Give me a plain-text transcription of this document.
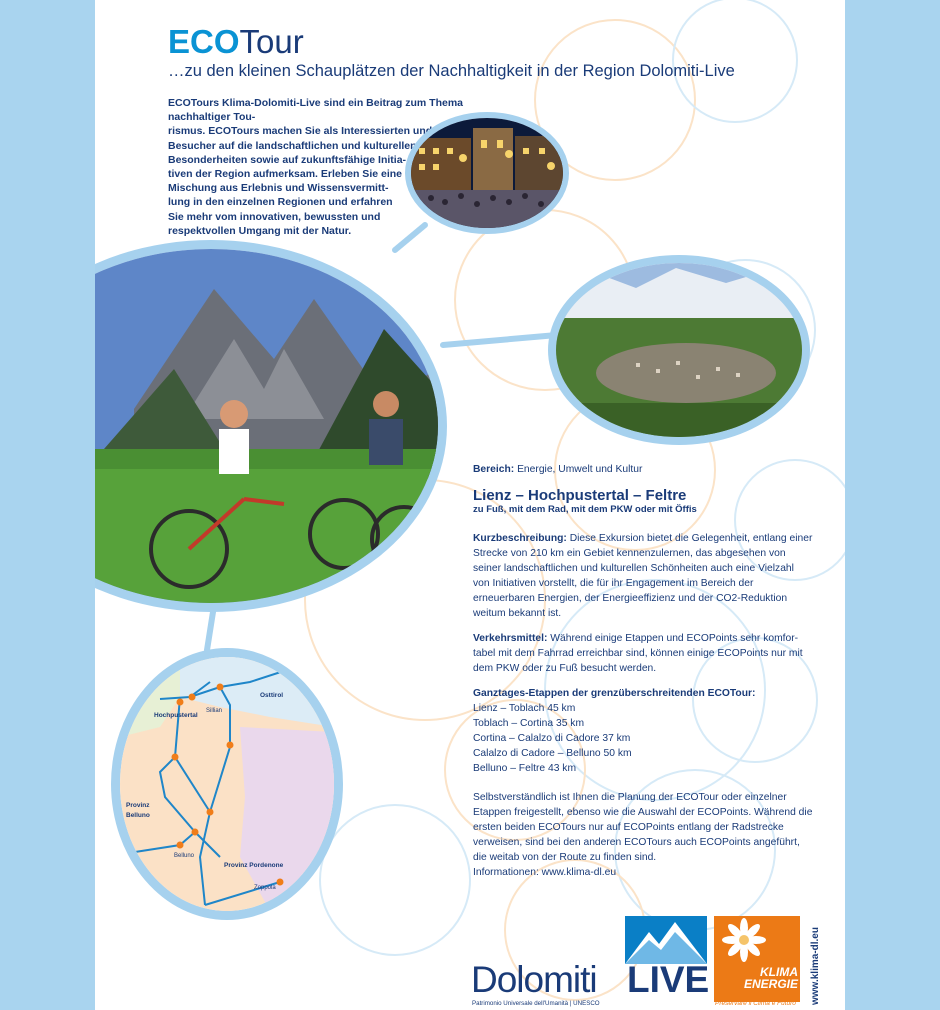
ECOTour
…zu den kleinen Schauplätzen der Nachhaltigkeit in der Region Dolomiti-Live
ECOTours Klima-Dolomiti-Live sind ein Beitrag zum Thema nachhaltiger Tou-
rismus. ECOTours machen Sie als Interessierten und
Besucher auf die landschaftlichen und kulturellen
Besonderheiten sowie auf zukunftsfähige Initia-
tiven der Region aufmerksam. Erleben Sie eine
Mischung aus Erlebnis und Wissensvermitt-
lung in den einzelnen Regionen und erfahren
Sie mehr vom innovativen, bewussten und
respektvollen Umgang mit der Natur.
Osttirol
Sillian
Hochpustertal
Provinz
Belluno
Belluno
Provinz Pordenone
Zoppola

Bereich: Energie, Umwelt und Kultur

Lienz – Hochpustertal – Feltre
zu Fuß, mit dem Rad, mit dem PKW oder mit Öffis

Kurzbeschreibung: Diese Exkursion bietet die Gelegenheit, entlang einer Strecke von 210 km ein Gebiet kennenzulernen, das abgesehen von seiner landschaftlichen und kulturellen Schönheiten auch eine Vielzahl von Initiativen vorstellt, die für ihr Engagement im Bereich der erneuerbaren Energien, der Energieeffizienz und der CO2-Reduktion weitum bekannt ist.

Verkehrsmittel: Während einige Etappen und ECOPoints sehr komfor- tabel mit dem Fahrrad erreichbar sind, können einige ECOPoints nur mit dem PKW oder zu Fuß besucht werden.

Ganztages-Etappen der grenzüberschreitenden ECOTour:
Lienz – Toblach 45 km
Toblach – Cortina 35 km
Cortina – Calalzo di Cadore 37 km
Calalzo di Cadore – Belluno 50 km
Belluno – Feltre 43 km

Selbstverständlich ist Ihnen die Planung der ECOTour oder einzelner Etappen freigestellt, ebenso wie die Auswahl der ECOPoints. Während die ersten beiden ECOTours nur auf ECOPoints entlang der Radstrecke verweisen, sind bei den anderen ECOTours auch ECOPoints angeführt, die weitab von der Route zu finden sind.
Informationen: www.klima-dl.eu

Dolomiti LIVE
Patrimonio Universale dell'Umanità | UNESCO
KLIMA
ENERGIE
Preservare il Clima è Futuro www.klima-dl.eu
